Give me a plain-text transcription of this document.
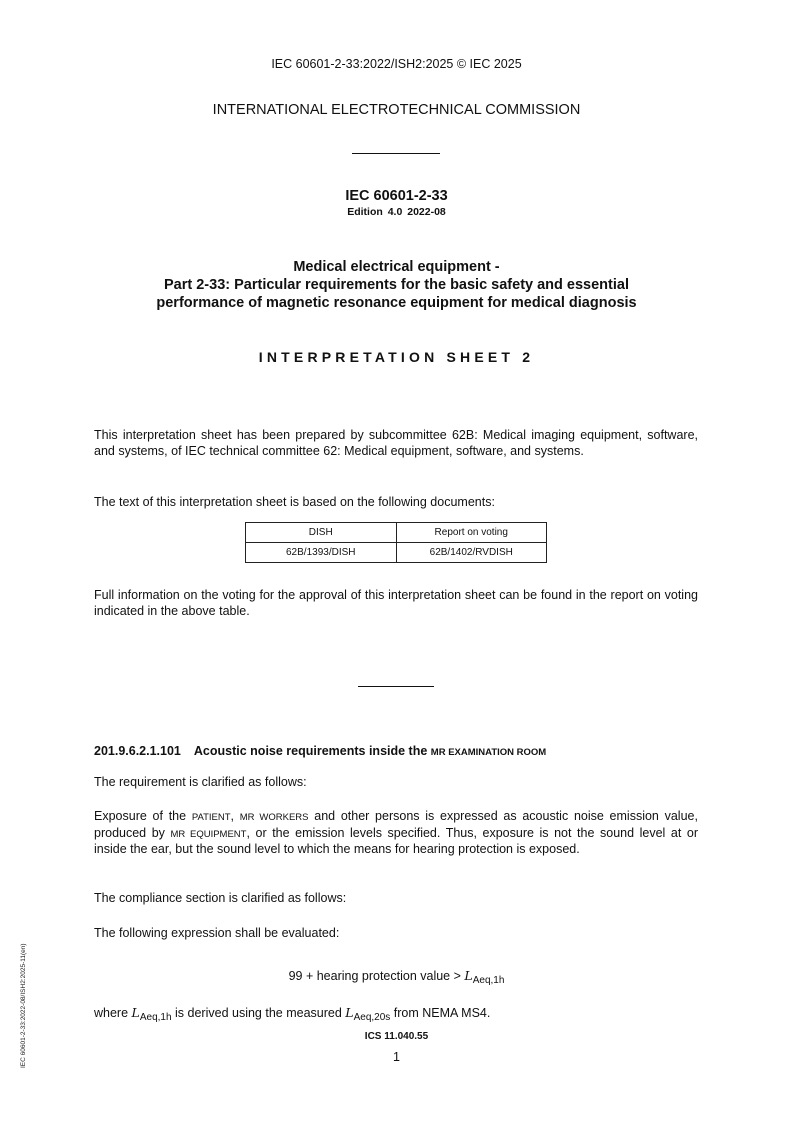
IEC 60601-2-33:2022/ISH2:2025 © IEC 2025
INTERNATIONAL ELECTROTECHNICAL COMMISSION
IEC 60601-2-33
Edition 4.0 2022-08
Medical electrical equipment -
Part 2-33: Particular requirements for the basic safety and essential
performance of magnetic resonance equipment for medical diagnosis
INTERPRETATION SHEET 2
This interpretation sheet has been prepared by subcommittee 62B: Medical imaging equipment, software, and systems, of IEC technical committee 62: Medical equipment, software, and systems.
The text of this interpretation sheet is based on the following documents:
DISH	Report on voting
62B/1393/DISH	62B/1402/RVDISH
Full information on the voting for the approval of this interpretation sheet can be found in the report on voting indicated in the above table.
201.9.6.2.1.101 Acoustic noise requirements inside the MR EXAMINATION ROOM
The requirement is clarified as follows:
Exposure of the PATIENT, MR WORKERS and other persons is expressed as acoustic noise emission value, produced by MR EQUIPMENT, or the emission levels specified. Thus, exposure is not the sound level at or inside the ear, but the sound level to which the means for hearing protection is exposed.
The compliance section is clarified as follows:
The following expression shall be evaluated:
99 + hearing protection value > $L_{Aeq,1h}$
where $L_{Aeq,1h}$ is derived using the measured $L_{Aeq,20s}$ from NEMA MS4.
ICS 11.040.55
1
IEC 60601-2-33:2022-08/ISH2:2025-11(en)
